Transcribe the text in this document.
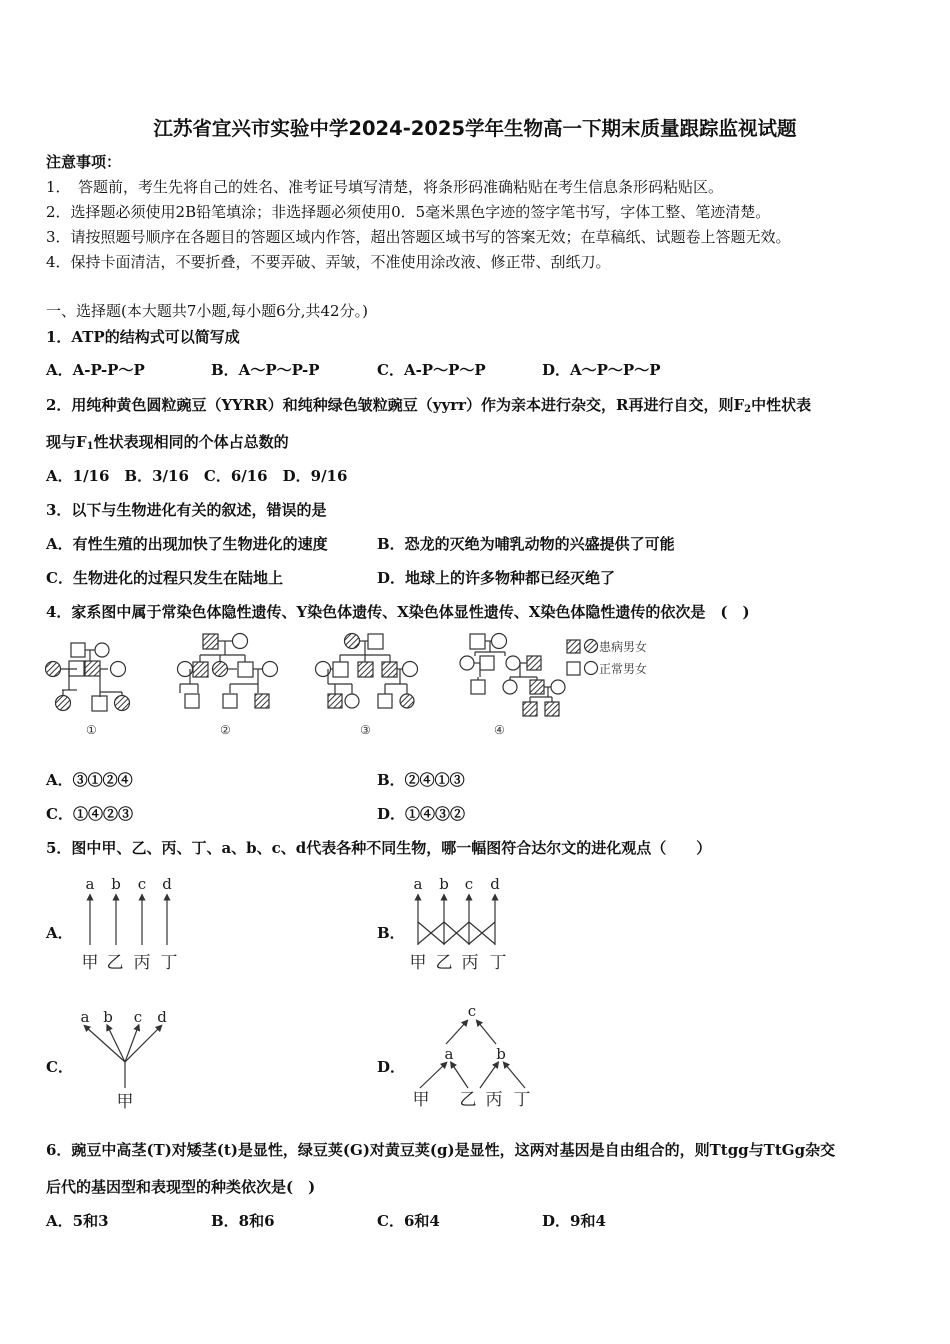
江苏省宜兴市实验中学2024-2025学年生物高一下期末质量跟踪监视试题
注意事项：
1．　答题前，考生先将自己的姓名、准考证号填写清楚，将条形码准确粘贴在考生信息条形码粘贴区。
2．选择题必须使用2B铅笔填涂；非选择题必须使用0．5毫米黑色字迹的签字笔书写，字体工整、笔迹清楚。
3．请按照题号顺序在各题目的答题区域内作答，超出答题区域书写的答案无效；在草稿纸、试题卷上答题无效。
4．保持卡面清洁，不要折叠，不要弄破、弄皱，不准使用涂改液、修正带、刮纸刀。
一、选择题(本大题共7小题,每小题6分,共42分。)
1．ATP的结构式可以简写成
A．A-P-P～P	B．A～P～P-P	C．A-P～P～P	D．A～P～P～P
2．用纯种黄色圆粒豌豆（YYRR）和纯种绿色皱粒豌豆（yyrr）作为亲本进行杂交，R再进行自交，则$F_2$中性状表
现与$F_1$性状表现相同的个体占总数的
A．1/16　B．3/16　C．6/16　D．9/16
3．以下与生物进化有关的叙述，错误的是
A．有性生殖的出现加快了生物进化的速度	B．恐龙的灭绝为哺乳动物的兴盛提供了可能
C．生物进化的过程只发生在陆地上	D．地球上的许多物种都已经灭绝了
4．家系图中属于常染色体隐性遗传、Y染色体遗传、X染色体显性遗传、X染色体隐性遗传的依次是　(　)
患病男女
正常男女
①	②	③	④
A．③①②④	B．②④①③
C．①④②③	D．①④③②
5．图中甲、乙、丙、丁、a、b、c、d代表各种不同生物，哪一幅图符合达尔文的进化观点（　　）
A．	B．
C．	D．
a b c d
甲 乙 丙 丁
a b c d
甲 乙 丙 丁
a b c d
甲
c
a	b
甲 乙 丙 丁
6．豌豆中高茎(T)对矮茎(t)是显性，绿豆荚(G)对黄豆荚(g)是显性，这两对基因是自由组合的，则Ttgg与TtGg杂交
后代的基因型和表现型的种类依次是(　)
A．5和3	B．8和6	C．6和4	D．9和4
